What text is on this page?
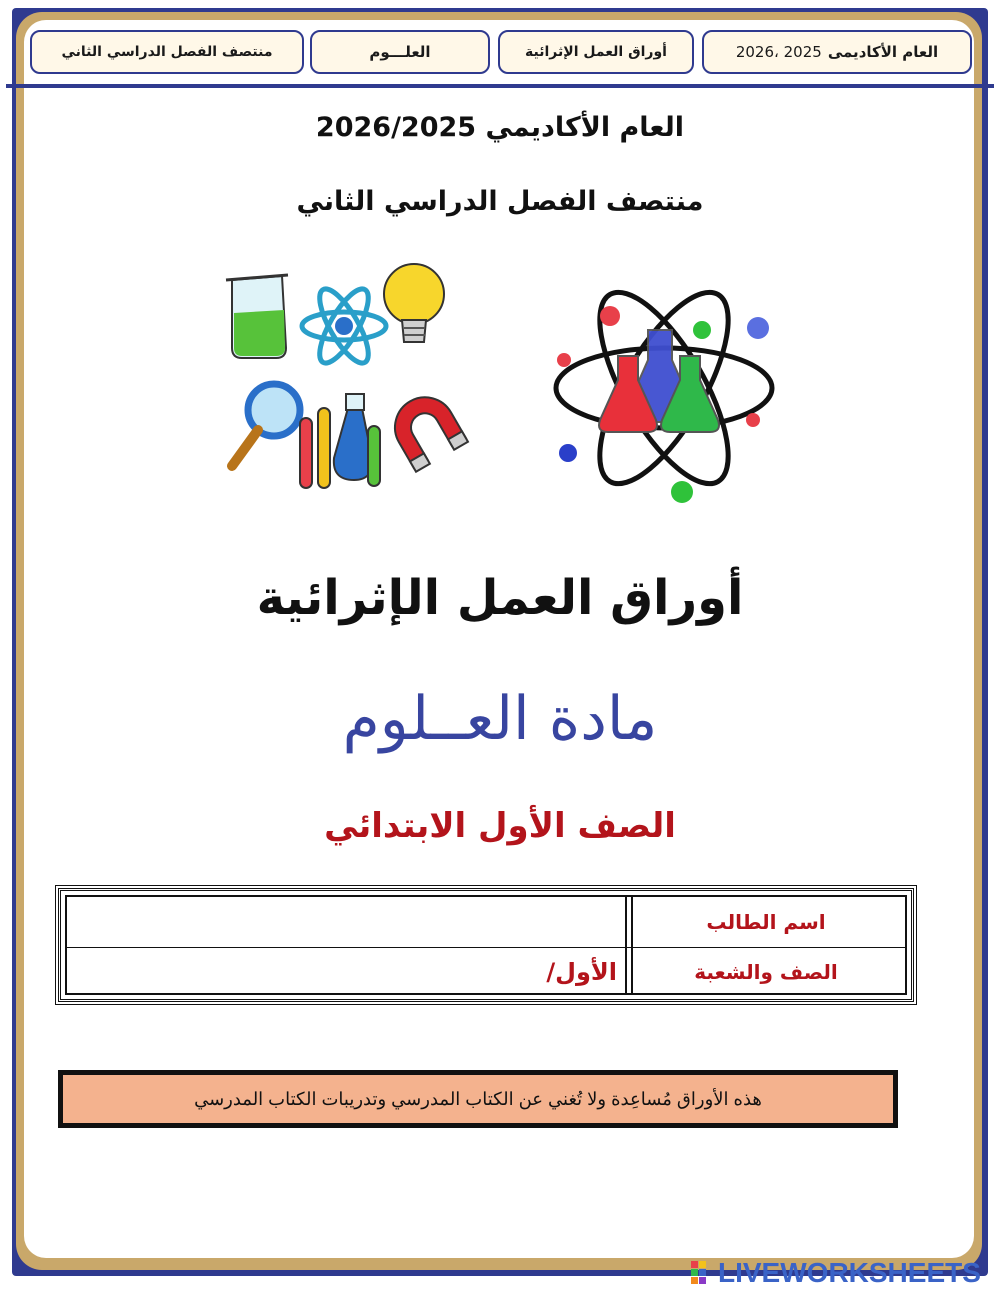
العام الأكاديمى
2025 ،2026
أوراق العمل الإثرائية
العلـــوم
منتصف الفصل الدراسي الثاني
العام الأكاديمي 2026/2025
منتصف الفصل الدراسي الثاني
أوراق العمل الإثرائية
مادة العــلوم
الصف الأول الابتدائي
اسم الطالب
الصف والشعبة
الأول/
هذه الأوراق مُساعِدة ولا تُغني عن الكتاب المدرسي وتدريبات الكتاب المدرسي
LIVEWORKSHEETS
